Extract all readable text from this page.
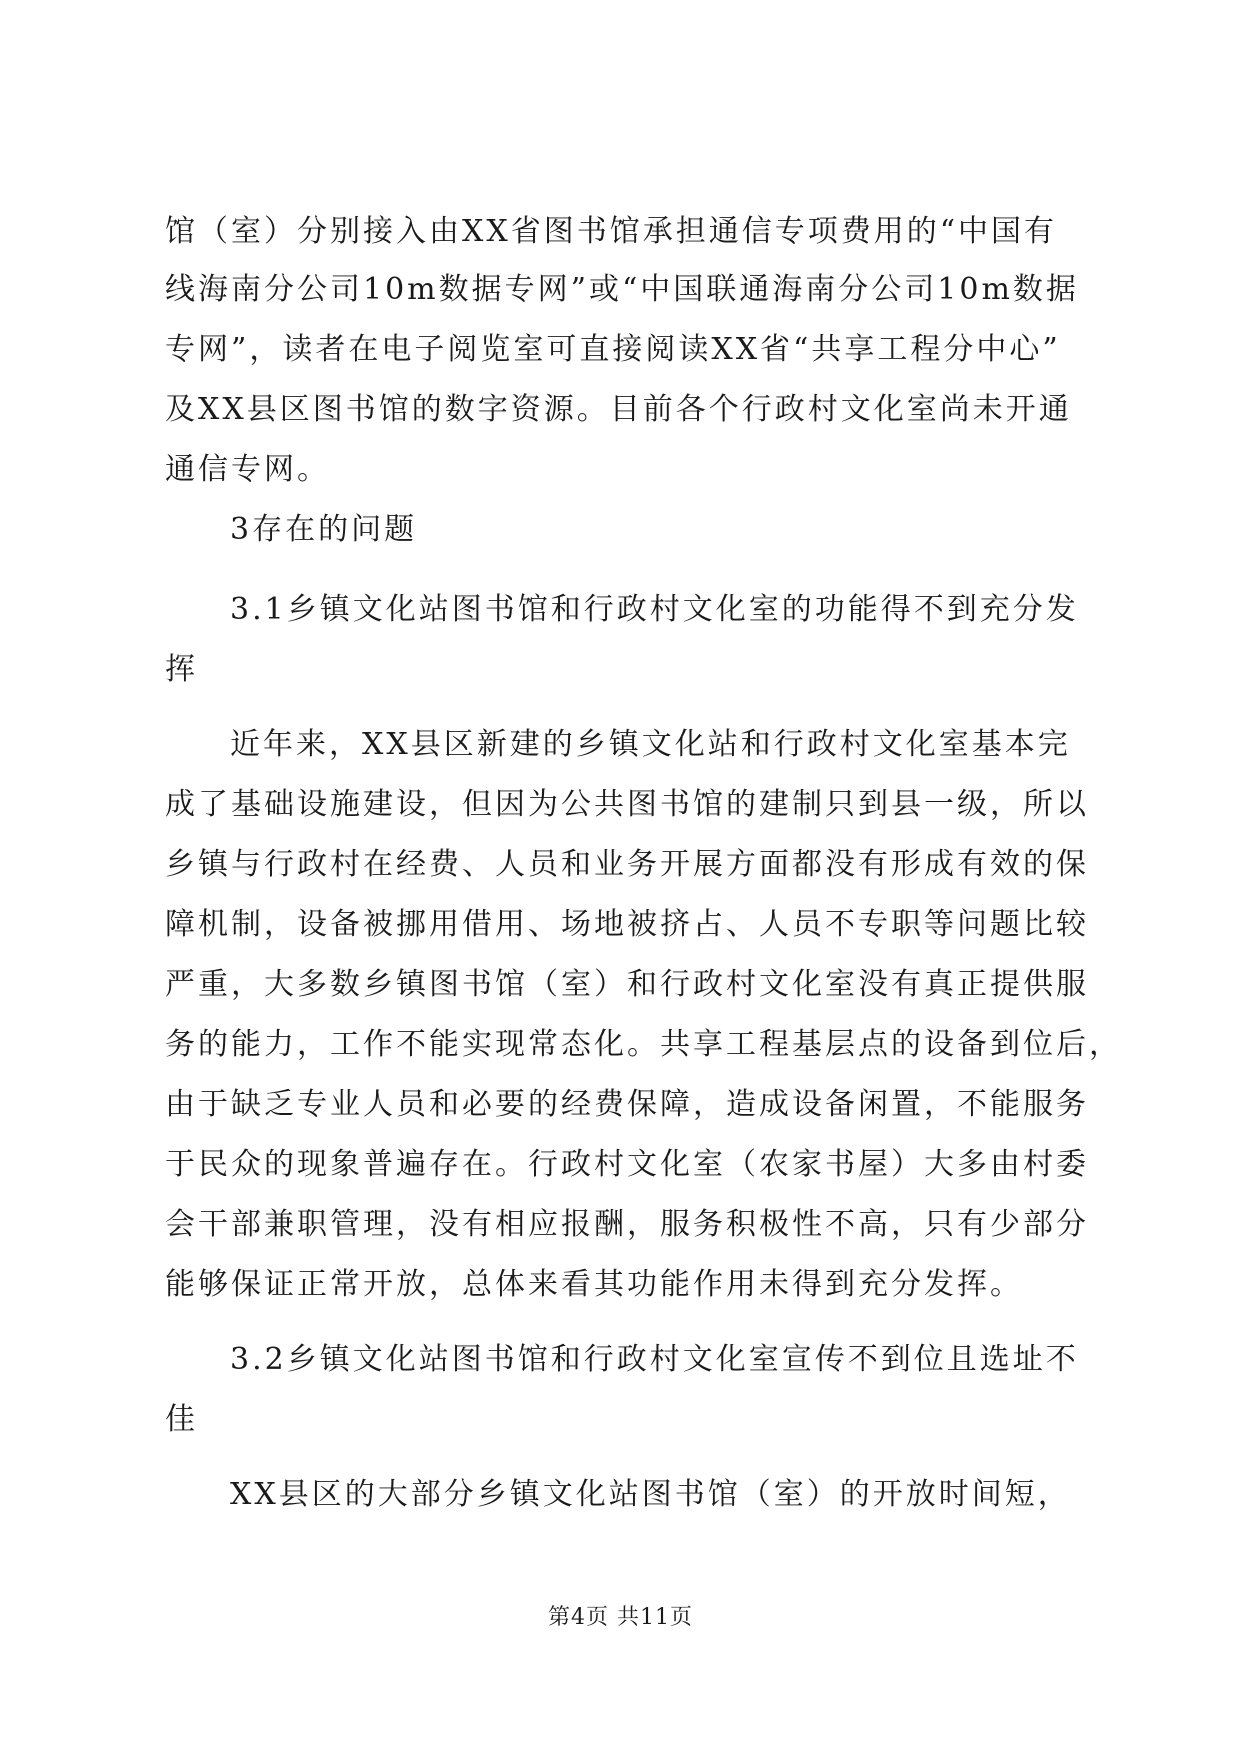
馆（室）分别接入由XX省图书馆承担通信专项费用的“中国有
线海南分公司10m数据专网”或“中国联通海南分公司10m数据
专网”，读者在电子阅览室可直接阅读XX省“共享工程分中心”
及XX县区图书馆的数字资源。目前各个行政村文化室尚未开通
通信专网。
3存在的问题
3.1乡镇文化站图书馆和行政村文化室的功能得不到充分发
挥
近年来，XX县区新建的乡镇文化站和行政村文化室基本完
成了基础设施建设，但因为公共图书馆的建制只到县一级，所以
乡镇与行政村在经费、人员和业务开展方面都没有形成有效的保
障机制，设备被挪用借用、场地被挤占、人员不专职等问题比较
严重，大多数乡镇图书馆（室）和行政村文化室没有真正提供服
务的能力，工作不能实现常态化。共享工程基层点的设备到位后，
由于缺乏专业人员和必要的经费保障，造成设备闲置，不能服务
于民众的现象普遍存在。行政村文化室（农家书屋）大多由村委
会干部兼职管理，没有相应报酬，服务积极性不高，只有少部分
能够保证正常开放，总体来看其功能作用未得到充分发挥。
3.2乡镇文化站图书馆和行政村文化室宣传不到位且选址不
佳
XX县区的大部分乡镇文化站图书馆（室）的开放时间短，
第4页 共11页
